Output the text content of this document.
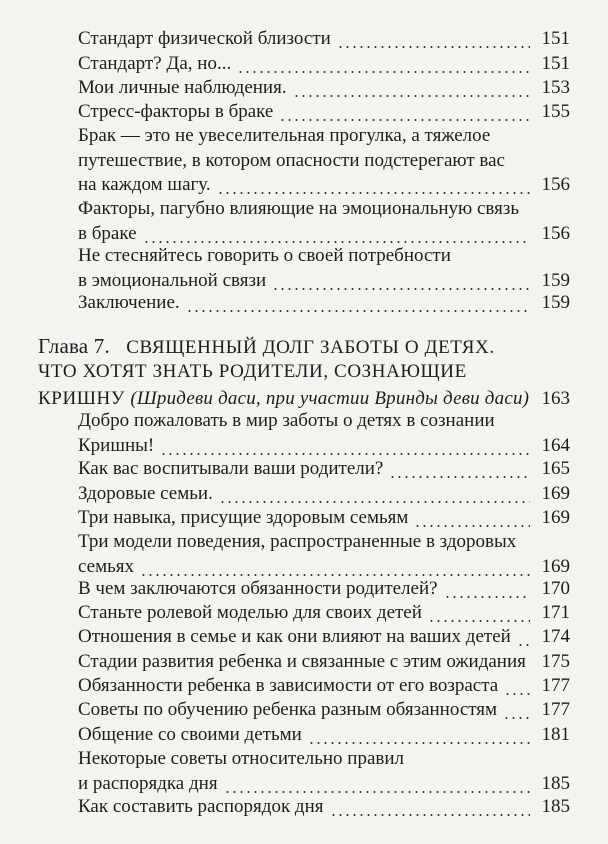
Стандарт физической близости	151
Стандарт? Да, но...	151
Мои личные наблюдения.	153
Стресс-факторы в браке	155
Брак — это не увеселительная прогулка, а тяжелое
путешествие, в котором опасности подстерегают вас
на каждом шагу.	156
Факторы, пагубно влияющие на эмоциональную связь
в браке	156
Не стесняйтесь говорить о своей потребности
в эмоциональной связи	159
Заключение.	159
Глава 7. СВЯЩЕННЫЙ ДОЛГ ЗАБОТЫ О ДЕТЯХ.
ЧТО ХОТЯТ ЗНАТЬ РОДИТЕЛИ, СОЗНАЮЩИЕ
КРИШНУ (Шридеви даси, при участии Вринды деви даси) 163
Добро пожаловать в мир заботы о детях в сознании
Кришны!	164
Как вас воспитывали ваши родители?	165
Здоровые семьи.	169
Три навыка, присущие здоровым семьям	169
Три модели поведения, распространенные в здоровых
семьях	169
В чем заключаются обязанности родителей?	170
Станьте ролевой моделью для своих детей	171
Отношения в семье и как они влияют на ваших детей	174
Стадии развития ребенка и связанные с этим ожидания 175
Обязанности ребенка в зависимости от его возраста	177
Советы по обучению ребенка разным обязанностям	177
Общение со своими детьми	181
Некоторые советы относительно правил
и распорядка дня	185
Как составить распорядок дня	185
